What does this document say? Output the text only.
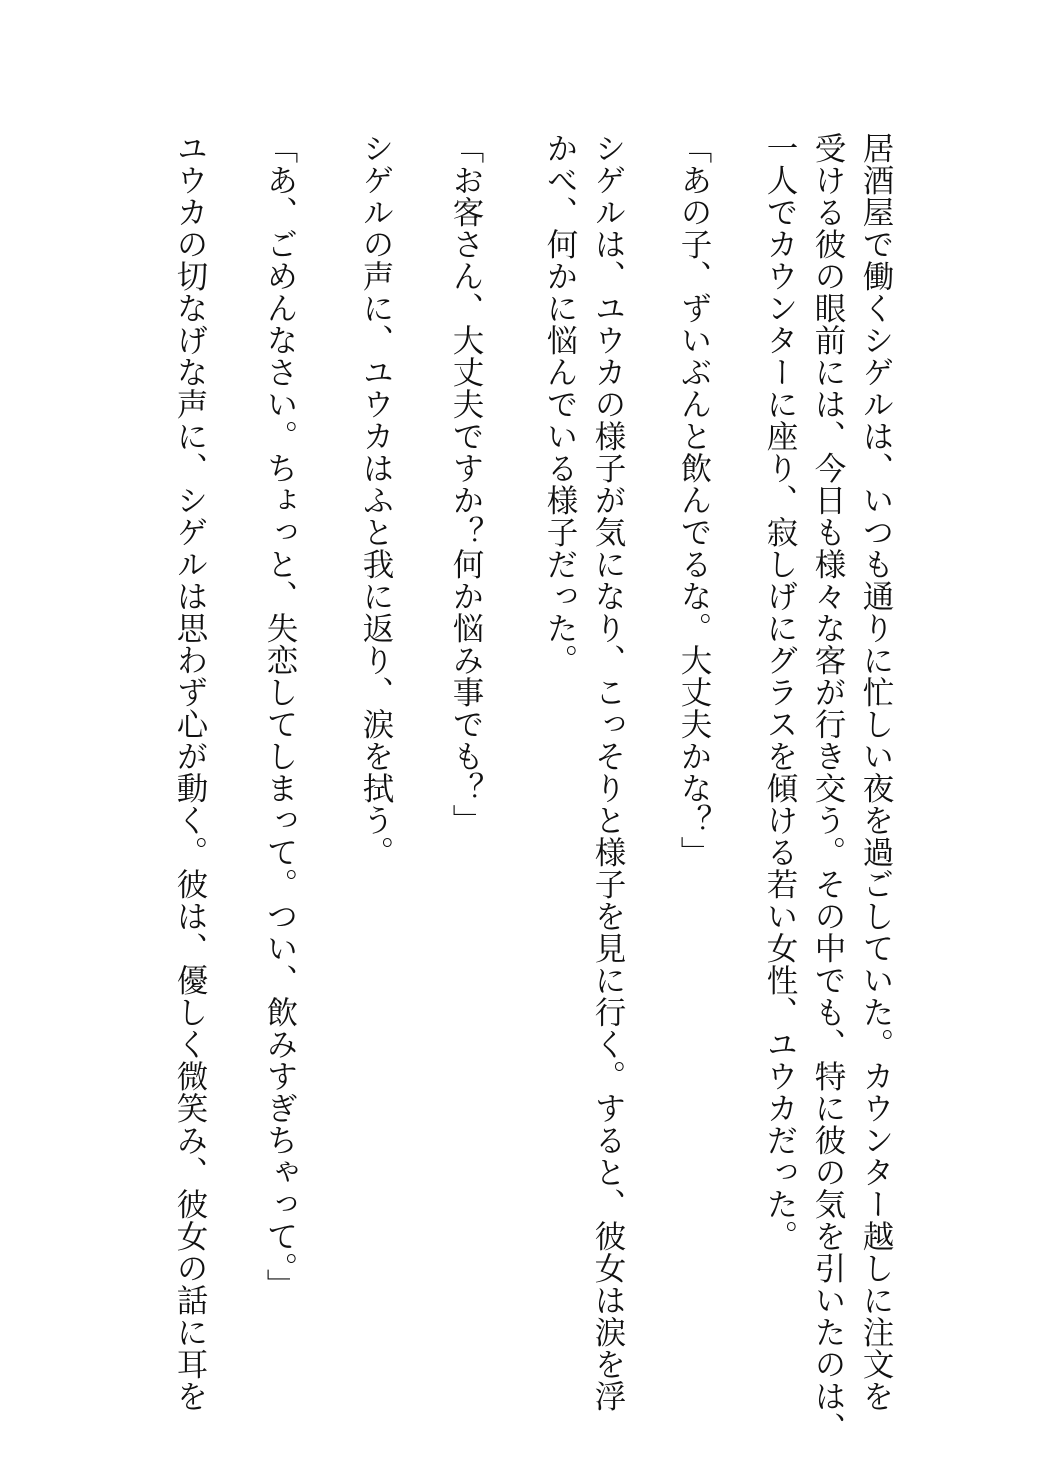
居酒屋で働くシゲルは、いつも通りに忙しい夜を過ごしていた。カウンター越しに注文を

受ける彼の眼前には、今日も様々な客が行き交う。その中でも、特に彼の気を引いたのは、

一人でカウンターに座り、寂しげにグラスを傾ける若い女性、ユウカだった。

「あの子、ずいぶんと飲んでるな。大丈夫かな？」

シゲルは、ユウカの様子が気になり、こっそりと様子を見に行く。すると、彼女は涙を浮

かべ、何かに悩んでいる様子だった。

「お客さん、大丈夫ですか？何か悩み事でも？」

シゲルの声に、ユウカはふと我に返り、涙を拭う。

「あ、ごめんなさい。ちょっと、失恋してしまって。つい、飲みすぎちゃって。」

ユウカの切なげな声に、シゲルは思わず心が動く。彼は、優しく微笑み、彼女の話に耳を
